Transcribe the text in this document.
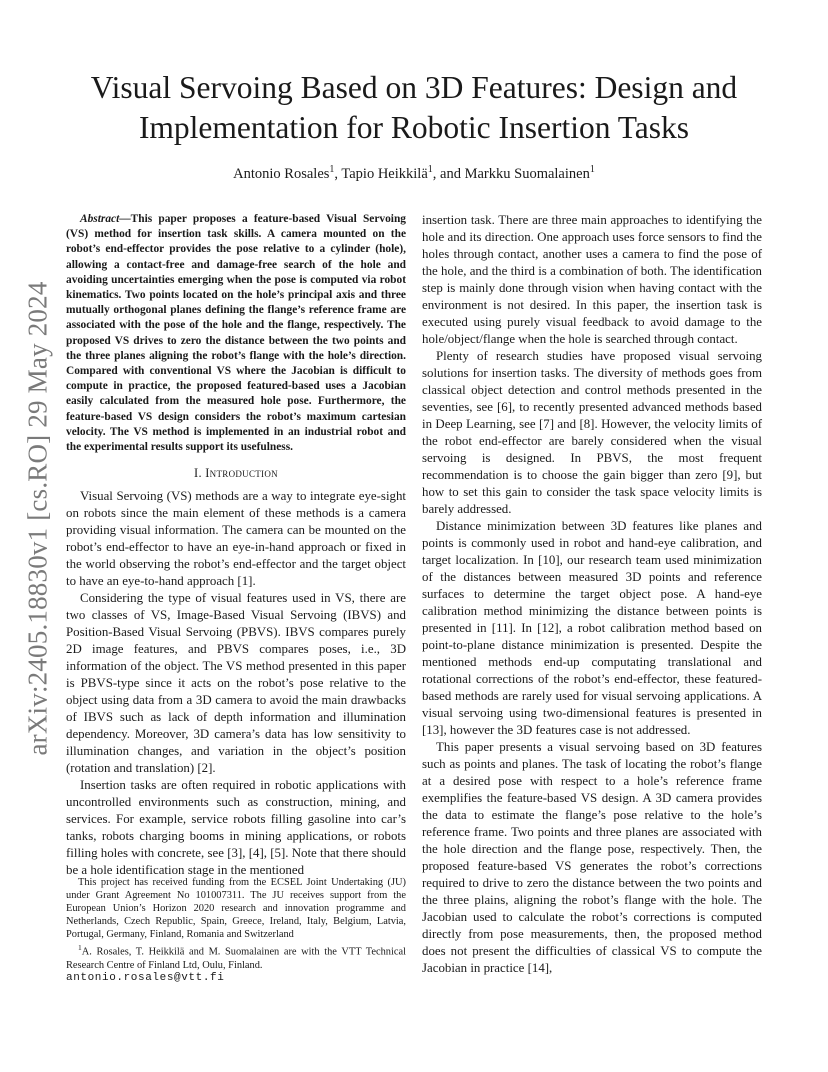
arXiv:2405.18830v1 [cs.RO] 29 May 2024
Visual Servoing Based on 3D Features: Design and
Implementation for Robotic Insertion Tasks
Antonio Rosales$^1$, Tapio Heikkilä$^1$, and Markku Suomalainen$^1$

Abstract—This paper proposes a feature-based Visual Servoing (VS) method for insertion task skills. A camera mounted on the robot’s end-effector provides the pose relative to a cylinder (hole), allowing a contact-free and damage-free search of the hole and avoiding uncertainties emerging when the pose is computed via robot kinematics. Two points located on the hole’s principal axis and three mutually orthogonal planes defining the flange’s reference frame are associated with the pose of the hole and the flange, respectively. The proposed VS drives to zero the distance between the two points and the three planes aligning the robot’s flange with the hole’s direction. Compared with conventional VS where the Jacobian is difficult to compute in practice, the proposed featured-based uses a Jacobian easily calculated from the measured hole pose. Furthermore, the feature-based VS design considers the robot’s maximum cartesian velocity. The VS method is implemented in an industrial robot and the experimental results support its usefulness.

I. Introduction

Visual Servoing (VS) methods are a way to integrate eye-sight on robots since the main element of these methods is a camera providing visual information. The camera can be mounted on the robot’s end-effector to have an eye-in-hand approach or fixed in the world observing the robot’s end-effector and the target object to have an eye-to-hand approach [1].

Considering the type of visual features used in VS, there are two classes of VS, Image-Based Visual Servoing (IBVS) and Position-Based Visual Servoing (PBVS). IBVS compares purely 2D image features, and PBVS compares poses, i.e., 3D information of the object. The VS method presented in this paper is PBVS-type since it acts on the robot’s pose relative to the object using data from a 3D camera to avoid the main drawbacks of IBVS such as lack of depth information and illumination dependency. Moreover, 3D camera’s data has low sensitivity to illumination changes, and variation in the object’s position (rotation and translation) [2].

Insertion tasks are often required in robotic applications with uncontrolled environments such as construction, mining, and services. For example, service robots filling gasoline into car’s tanks, robots charging booms in mining applications, or robots filling holes with concrete, see [3], [4], [5]. Note that there should be a hole identification stage in the mentioned

This project has received funding from the ECSEL Joint Undertaking (JU) under Grant Agreement No 101007311. The JU receives support from the European Union’s Horizon 2020 research and innovation programme and Netherlands, Czech Republic, Spain, Greece, Ireland, Italy, Belgium, Latvia, Portugal, Germany, Finland, Romania and Switzerland

$^1$A. Rosales, T. Heikkilä and M. Suomalainen are with the VTT Technical Research Centre of Finland Ltd, Oulu, Finland.

antonio.rosales@vtt.fi

insertion task. There are three main approaches to identifying the hole and its direction. One approach uses force sensors to find the holes through contact, another uses a camera to find the pose of the hole, and the third is a combination of both. The identification step is mainly done through vision when having contact with the environment is not desired. In this paper, the insertion task is executed using purely visual feedback to avoid damage to the hole/object/flange when the hole is searched through contact.

Plenty of research studies have proposed visual servoing solutions for insertion tasks. The diversity of methods goes from classical object detection and control methods presented in the seventies, see [6], to recently presented advanced methods based in Deep Learning, see [7] and [8]. However, the velocity limits of the robot end-effector are barely considered when the visual servoing is designed. In PBVS, the most frequent recommendation is to choose the gain bigger than zero [9], but how to set this gain to consider the task space velocity limits is barely addressed.

Distance minimization between 3D features like planes and points is commonly used in robot and hand-eye calibration, and target localization. In [10], our research team used minimization of the distances between measured 3D points and reference surfaces to determine the target object pose. A hand-eye calibration method minimizing the distance between points is presented in [11]. In [12], a robot calibration method based on point-to-plane distance minimization is presented. Despite the mentioned methods end-up computating translational and rotational corrections of the robot’s end-effector, these featured-based methods are rarely used for visual servoing applications. A visual servoing using two-dimensional features is presented in [13], however the 3D features case is not addressed.

This paper presents a visual servoing based on 3D features such as points and planes. The task of locating the robot’s flange at a desired pose with respect to a hole’s reference frame exemplifies the feature-based VS design. A 3D camera provides the data to estimate the flange’s pose relative to the hole’s reference frame. Two points and three planes are associated with the hole direction and the flange pose, respectively. Then, the proposed feature-based VS generates the robot’s corrections required to drive to zero the distance between the two points and the three plains, aligning the robot’s flange with the hole. The Jacobian used to calculate the robot’s corrections is computed directly from pose measurements, then, the proposed method does not present the difficulties of classical VS to compute the Jacobian in practice [14],
